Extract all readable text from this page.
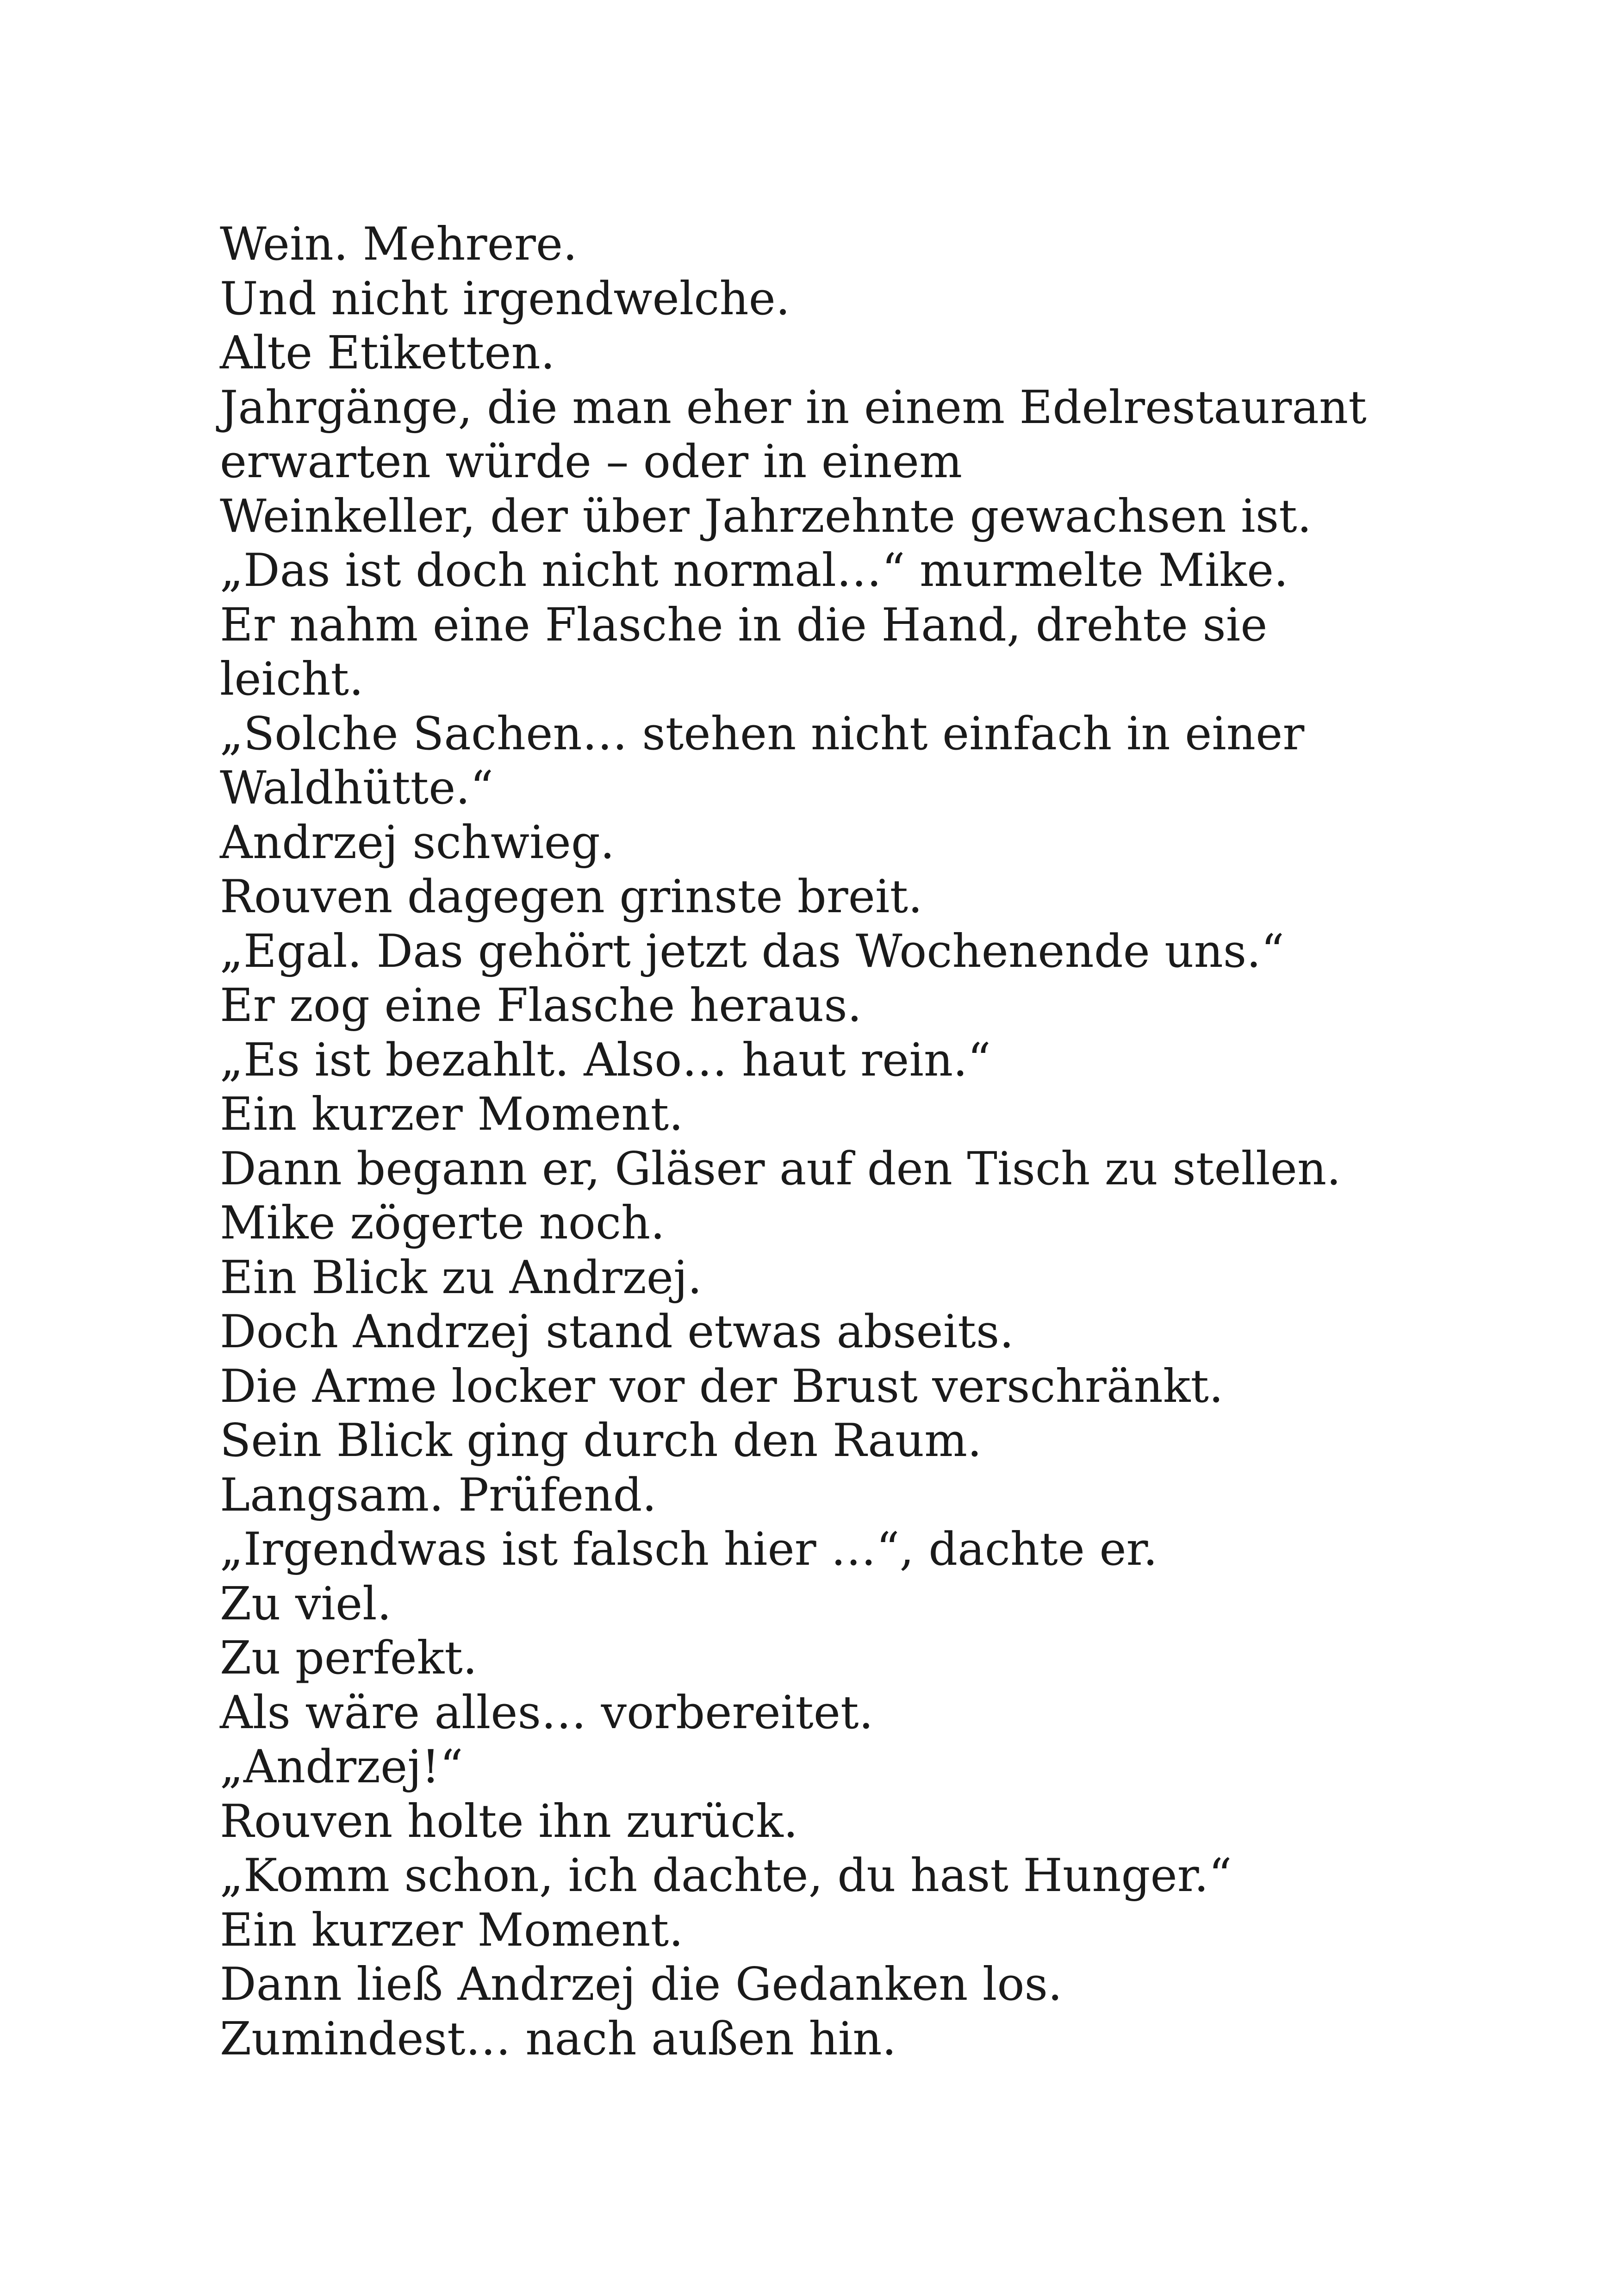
Wein. Mehrere.
Und nicht irgendwelche.
Alte Etiketten.
Jahrgänge, die man eher in einem Edelrestaurant
erwarten würde – oder in einem
Weinkeller, der über Jahrzehnte gewachsen ist.
„Das ist doch nicht normal…“ murmelte Mike.
Er nahm eine Flasche in die Hand, drehte sie
leicht.
„Solche Sachen… stehen nicht einfach in einer
Waldhütte.“
Andrzej schwieg.
Rouven dagegen grinste breit.
„Egal. Das gehört jetzt das Wochenende uns.“
Er zog eine Flasche heraus.
„Es ist bezahlt. Also… haut rein.“
Ein kurzer Moment.
Dann begann er, Gläser auf den Tisch zu stellen.
Mike zögerte noch.
Ein Blick zu Andrzej.
Doch Andrzej stand etwas abseits.
Die Arme locker vor der Brust verschränkt.
Sein Blick ging durch den Raum.
Langsam. Prüfend.
„Irgendwas ist falsch hier …“, dachte er.
Zu viel.
Zu perfekt.
Als wäre alles… vorbereitet.
„Andrzej!“
Rouven holte ihn zurück.
„Komm schon, ich dachte, du hast Hunger.“
Ein kurzer Moment.
Dann ließ Andrzej die Gedanken los.
Zumindest… nach außen hin.
